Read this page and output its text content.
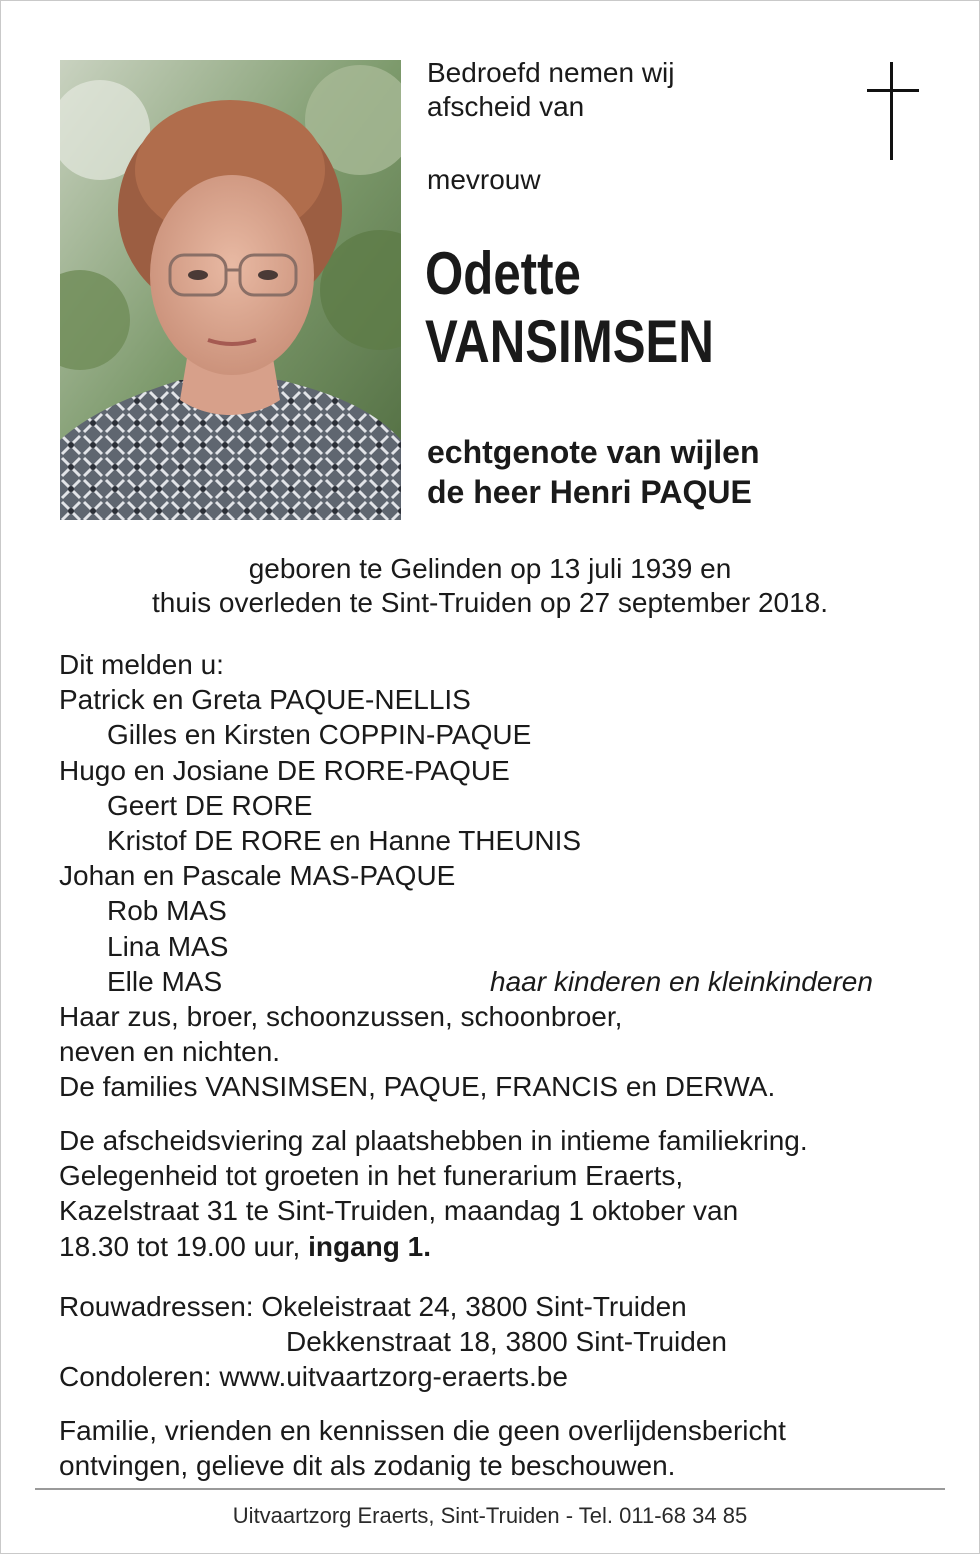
Bedroefd nemen wij
afscheid van

mevrouw

Odette
VANSIMSEN
echtgenote van wijlen
de heer Henri PAQUE
geboren te Gelinden op 13 juli 1939 en
thuis overleden te Sint-Truiden op 27 september 2018.

Dit melden u:

Patrick en Greta PAQUE-NELLIS

Gilles en Kirsten COPPIN-PAQUE

Hugo en Josiane DE RORE-PAQUE

Geert DE RORE

Kristof DE RORE en Hanne THEUNIS

Johan en Pascale MAS-PAQUE

Rob MAS

Lina MAS

Elle MAS	haar kinderen en kleinkinderen

Haar zus, broer, schoonzussen, schoonbroer,

neven en nichten.

De families VANSIMSEN, PAQUE, FRANCIS en DERWA.

De afscheidsviering zal plaatshebben in intieme familiekring.

Gelegenheid tot groeten in het funerarium Eraerts,

Kazelstraat 31 te Sint-Truiden, maandag 1 oktober van

18.30 tot 19.00 uur, ingang 1.

Rouwadressen: Okeleistraat 24, 3800 Sint-Truiden

Dekkenstraat 18, 3800 Sint-Truiden

Condoleren: www.uitvaartzorg-eraerts.be

Familie, vrienden en kennissen die geen overlijdensbericht

ontvingen, gelieve dit als zodanig te beschouwen.

Uitvaartzorg Eraerts, Sint-Truiden - Tel. 011-68 34 85
